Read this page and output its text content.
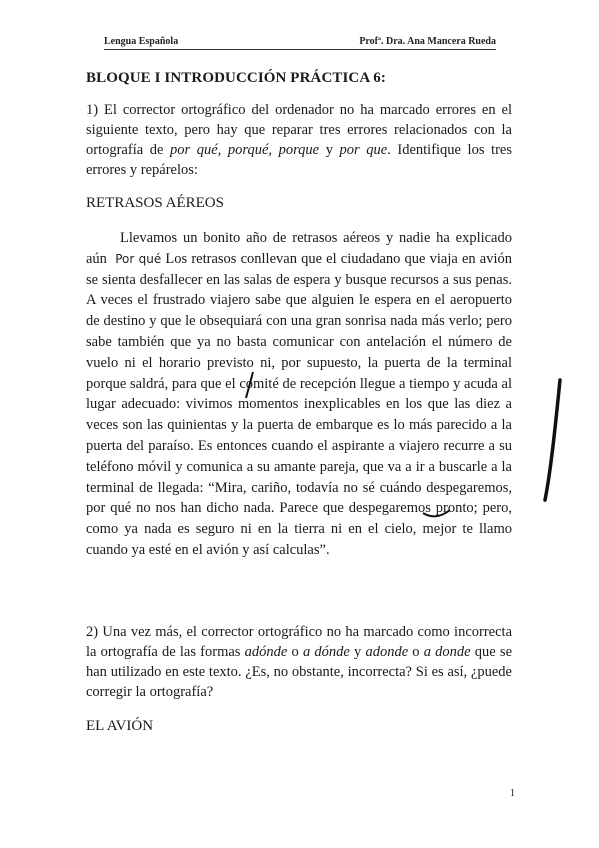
Lengua Española	Profª. Dra. Ana Mancera Rueda
BLOQUE I INTRODUCCIÓN PRÁCTICA 6:
1) El corrector ortográfico del ordenador no ha marcado errores en el siguiente texto, pero hay que reparar tres errores relacionados con la ortografía de por qué, porqué, porque y por que. Identifique los tres errores y repárelos:
RETRASOS AÉREOS
Llevamos un bonito año de retrasos aéreos y nadie ha explicado aún Por qué Los retrasos conllevan que el ciudadano que viaja en avión se sienta desfallecer en las salas de espera y busque recursos a sus penas. A veces el frustrado viajero sabe que alguien le espera en el aeropuerto de destino y que le obsequiará con una gran sonrisa nada más verlo; pero sabe también que ya no basta comunicar con antelación el número de vuelo ni el horario previsto ni, por supuesto, la puerta de la terminal porque saldrá, para que el comité de recepción llegue a tiempo y acuda al lugar adecuado: vivimos momentos inexplicables en los que las diez a veces son las quinientas y la puerta de embarque es lo más parecido a la puerta del paraíso. Es entonces cuando el aspirante a viajero recurre a su teléfono móvil y comunica a su amante pareja, que va a ir a buscarle a la terminal de llegada: “Mira, cariño, todavía no sé cuándo despegaremos, por qué no nos han dicho nada. Parece que despegaremos pronto; pero, como ya nada es seguro ni en la tierra ni en el cielo, mejor te llamo cuando ya esté en el avión y así calculas”.
2) Una vez más, el corrector ortográfico no ha marcado como incorrecta la ortografía de las formas adónde o a dónde y adonde o a donde que se han utilizado en este texto. ¿Es, no obstante, incorrecta? Si es así, ¿puede corregir la ortografía?
EL AVIÓN
1
